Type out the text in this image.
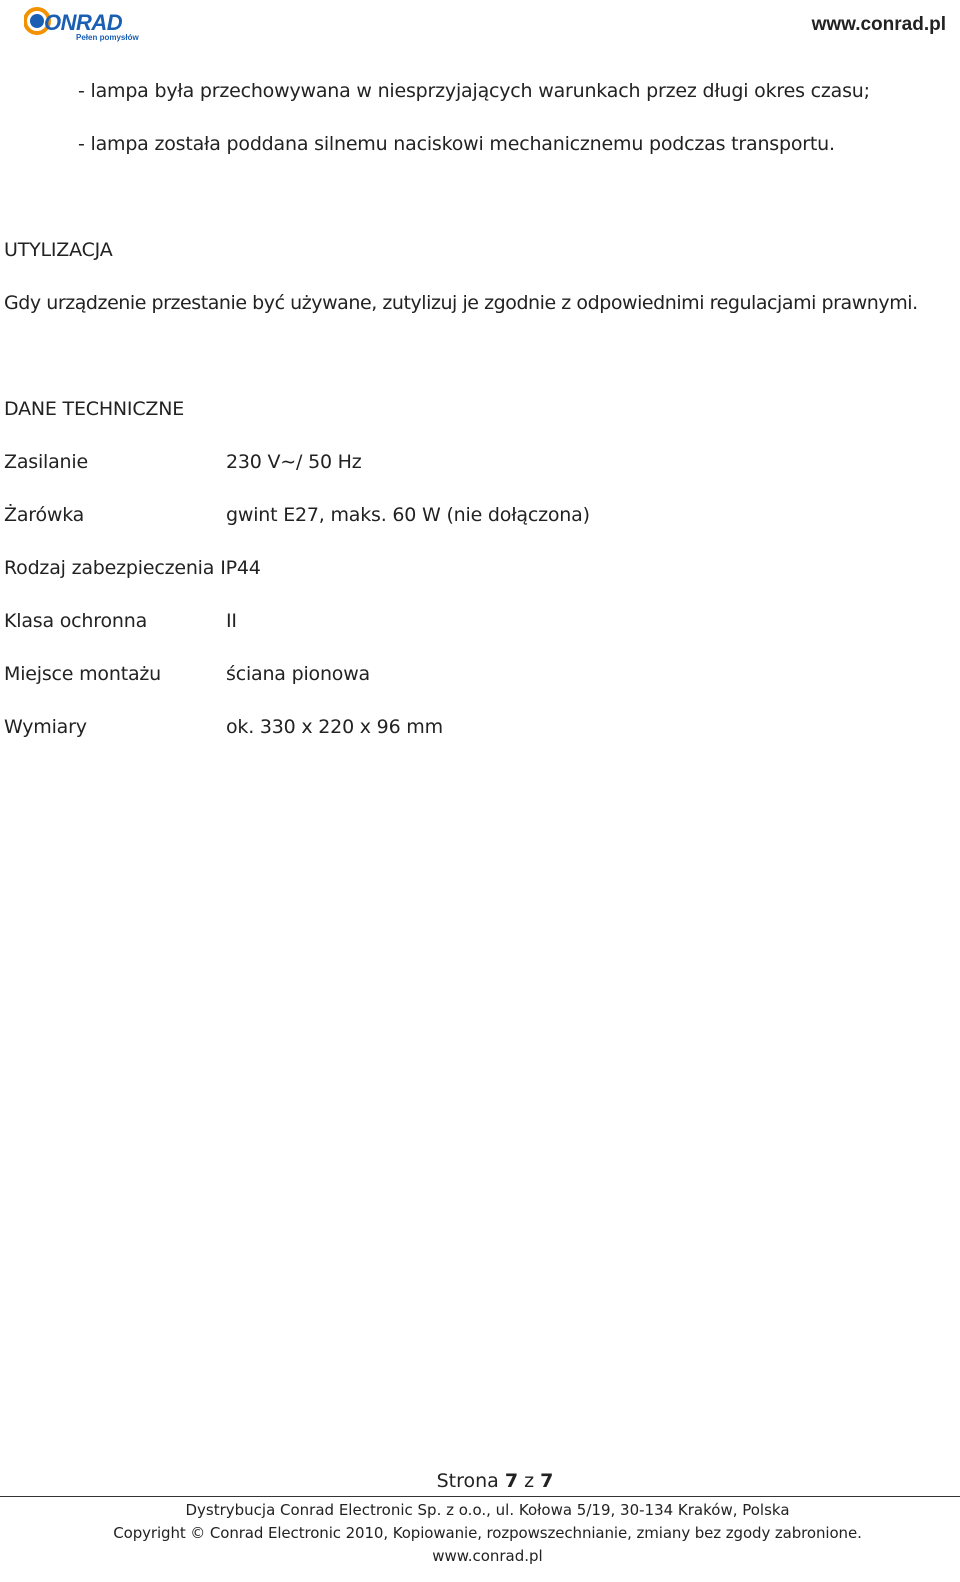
ONRAD
Pełen pomysłów
www.conrad.pl
- lampa była przechowywana w niesprzyjających warunkach przez długi okres czasu;
- lampa została poddana silnemu naciskowi mechanicznemu podczas transportu.
UTYLIZACJA
Gdy urządzenie przestanie być używane, zutylizuj je zgodnie z odpowiednimi regulacjami prawnymi.
DANE TECHNICZNE
Zasilanie	230 V∼/ 50 Hz
Żarówka	gwint E27, maks. 60 W (nie dołączona)
Rodzaj zabezpieczenia IP44
Klasa ochronna	II
Miejsce montażu	ściana pionowa
Wymiary	ok. 330 x 220 x 96 mm
Strona 7 z 7
Dystrybucja Conrad Electronic Sp. z o.o., ul. Kołowa 5/19, 30-134 Kraków, Polska
Copyright © Conrad Electronic 2010, Kopiowanie, rozpowszechnianie, zmiany bez zgody zabronione.
www.conrad.pl
